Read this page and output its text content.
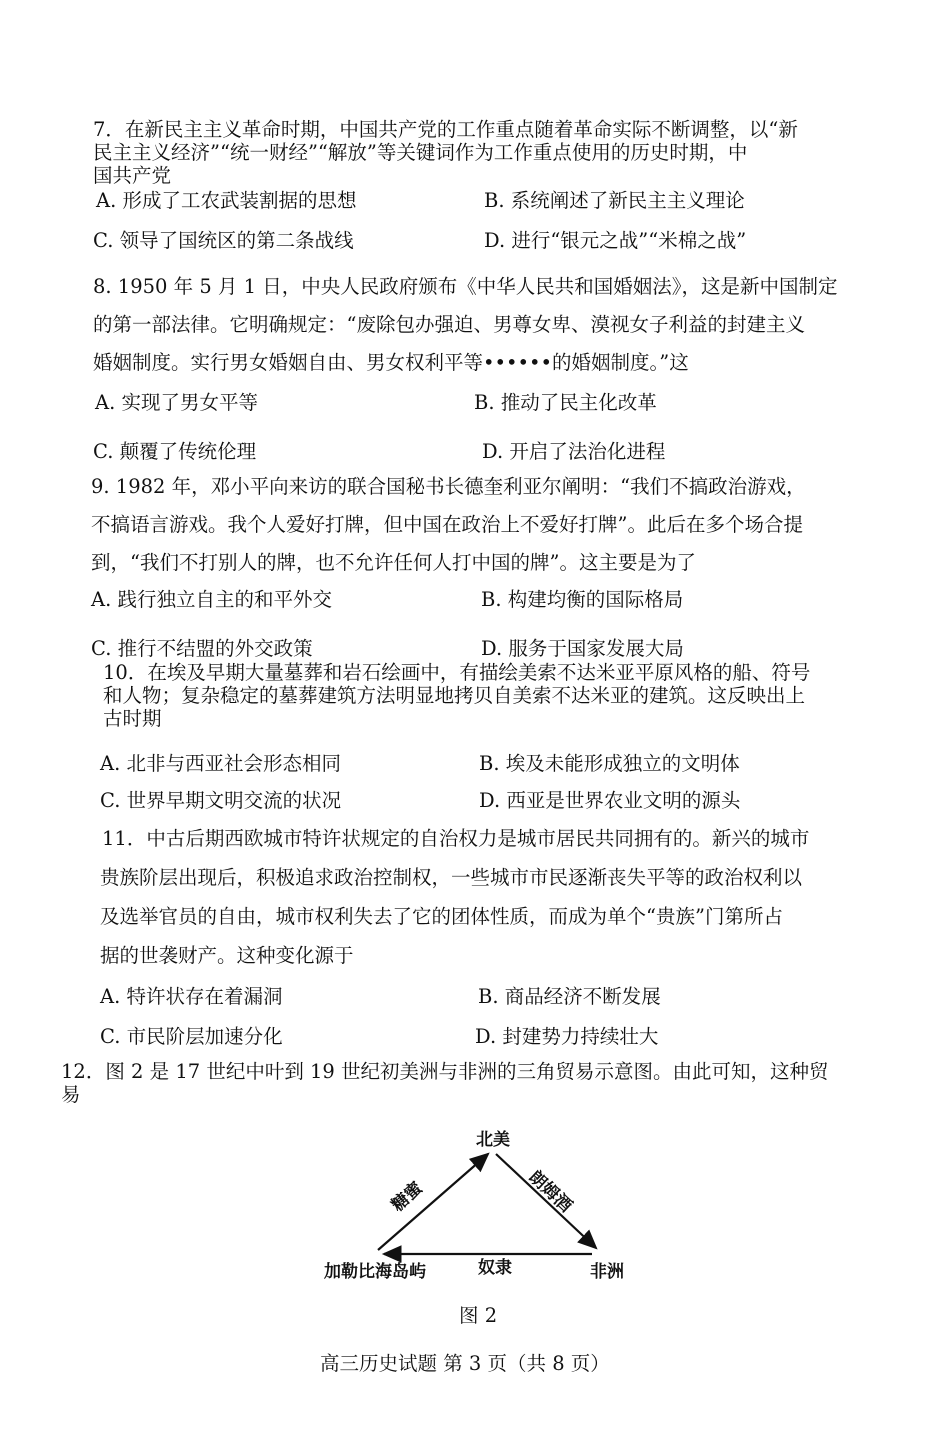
7．在新民主主义革命时期，中国共产党的工作重点随着革命实际不断调整，以“新
民主主义经济”“统一财经”“解放”等关键词作为工作重点使用的历史时期，中
国共产党
A. 形成了工农武装割据的思想	B. 系统阐述了新民主主义理论
C. 领导了国统区的第二条战线	D. 进行“银元之战”“米棉之战”
8. 1950 年 5 月 1 日，中央人民政府颁布《中华人民共和国婚姻法》，这是新中国制定
的第一部法律。它明确规定：“废除包办强迫、男尊女卑、漠视女子利益的封建主义
婚姻制度。实行男女婚姻自由、男女权利平等••••••的婚姻制度。”这
A. 实现了男女平等	B. 推动了民主化改革
C. 颠覆了传统伦理	D. 开启了法治化进程
9. 1982 年，邓小平向来访的联合国秘书长德奎利亚尔阐明：“我们不搞政治游戏，
不搞语言游戏。我个人爱好打牌，但中国在政治上不爱好打牌”。此后在多个场合提
到，“我们不打别人的牌，也不允许任何人打中国的牌”。这主要是为了
A. 践行独立自主的和平外交	B. 构建均衡的国际格局
C. 推行不结盟的外交政策	D. 服务于国家发展大局
10．在埃及早期大量墓葬和岩石绘画中，有描绘美索不达米亚平原风格的船、符号
和人物；复杂稳定的墓葬建筑方法明显地拷贝自美索不达米亚的建筑。这反映出上
古时期
A. 北非与西亚社会形态相同	B. 埃及未能形成独立的文明体
C. 世界早期文明交流的状况	D. 西亚是世界农业文明的源头
11．中古后期西欧城市特许状规定的自治权力是城市居民共同拥有的。新兴的城市
贵族阶层出现后，积极追求政治控制权，一些城市市民逐渐丧失平等的政治权利以
及选举官员的自由，城市权利失去了它的团体性质，而成为单个“贵族”门第所占
据的世袭财产。这种变化源于
A. 特许状存在着漏洞	B. 商品经济不断发展
C. 市民阶层加速分化	D. 封建势力持续壮大
12．图 2 是 17 世纪中叶到 19 世纪初美洲与非洲的三角贸易示意图。由此可知，这种贸
易
北美
加勒比海岛屿	非洲
糖蜜	朗姆酒
奴隶
图 2
高三历史试题 第 3 页（共 8 页）
